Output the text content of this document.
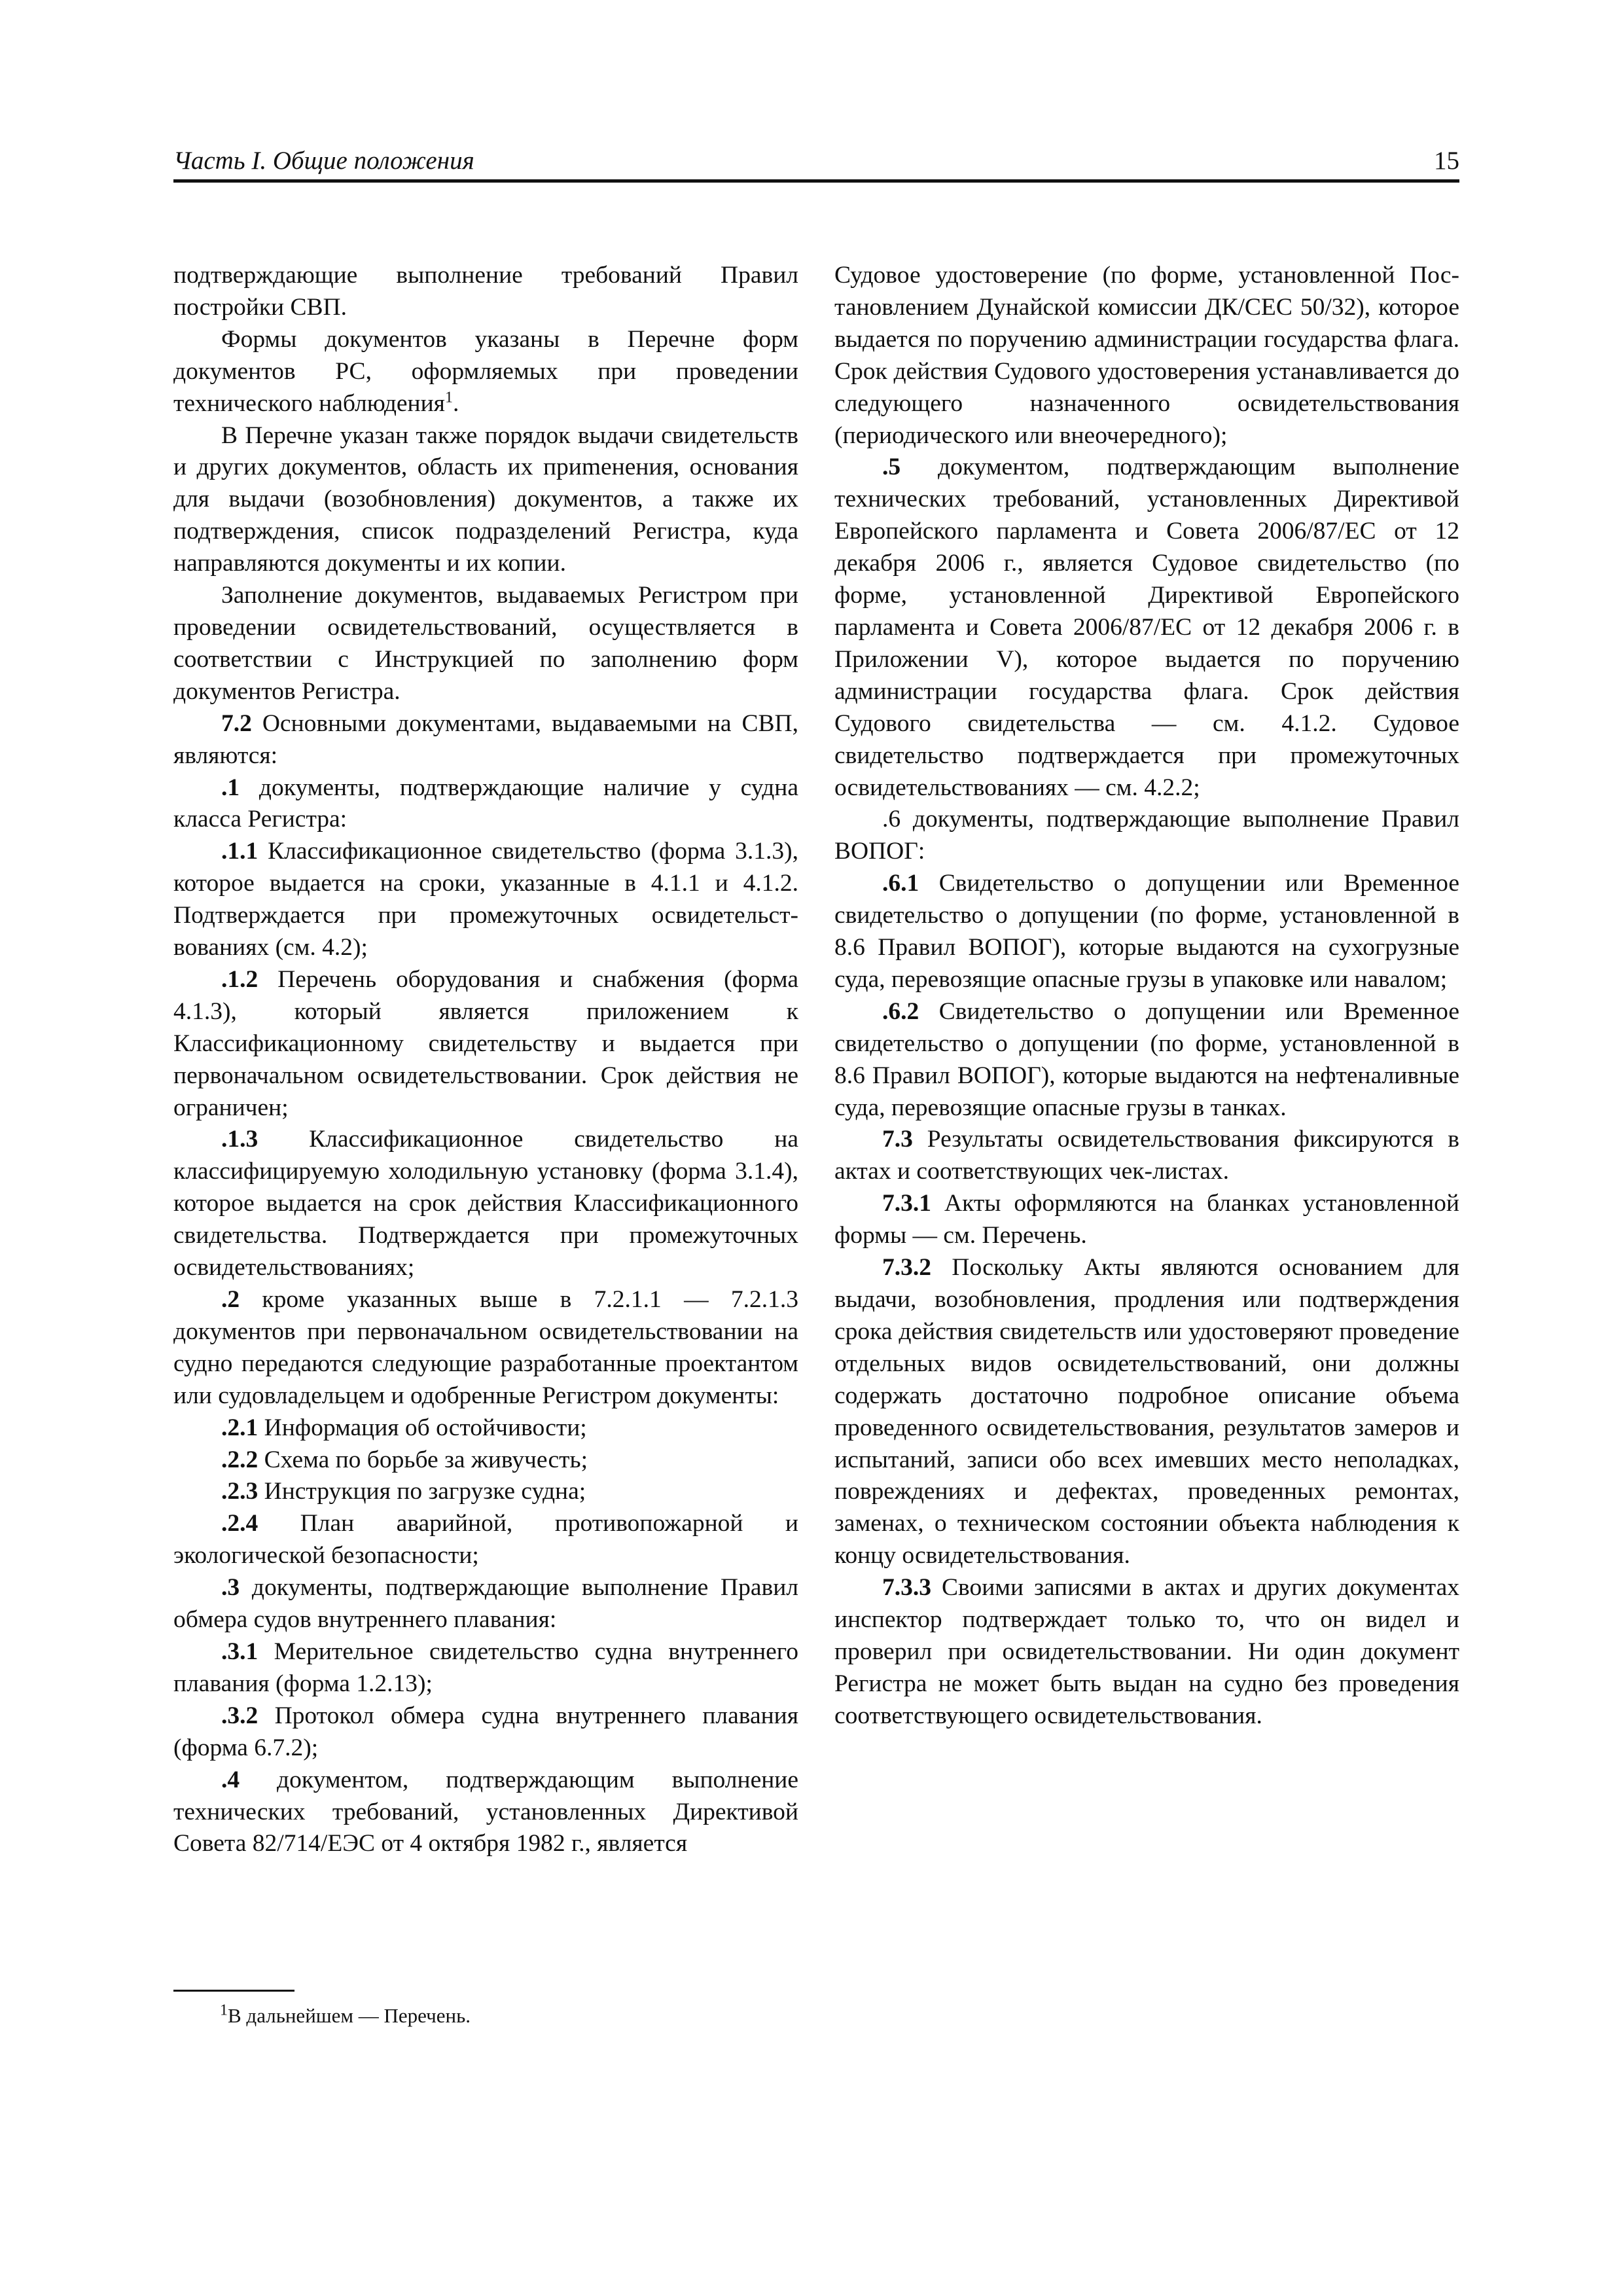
Часть I. Общие положения	15

подтверждающие выполнение требований Правил постройки СВП.

Формы документов указаны в Перечне форм документов РС, оформляемых при проведении технического наблюдения$^1$.

В Перечне указан также порядок выдачи свидетельств и других документов, область их приmенения, основания для выдачи (возобновления) документов, а также их подтверждения, список подразделений Регистра, куда направляются документы и их копии.

Заполнение документов, выдаваемых Регистром при проведении освидетельствований, осуществляется в соответствии с Инструкцией по заполнению форм документов Регистра.

7.2 Основными документами, выдаваемыми на СВП, являются:

.1 документы, подтверждающие наличие у судна класса Регистра:

.1.1 Классификационное свидетельство (форма 3.1.3), которое выдается на сроки, указанные в 4.1.1 и 4.1.2. Подтверждается при промежуточных освидетельствованиях (см. 4.2);

.1.2 Перечень оборудования и снабжения (форма 4.1.3), который является приложением к Классификационному свидетельству и выдается при первоначальном освидетельствовании. Срок действия не ограничен;

.1.3 Классификационное свидетельство на классифицируемую холодильную установку (форма 3.1.4), которое выдается на срок действия Классификационного свидетельства. Подтверждается при промежуточных освидетельствованиях;

.2 кроме указанных выше в 7.2.1.1 — 7.2.1.3 документов при первоначальном освидетельствовании на судно передаются следующие разработанные проектантом или судовладельцем и одобренные Регистром документы:

.2.1 Информация об остойчивости;

.2.2 Схема по борьбе за живучесть;

.2.3 Инструкция по загрузке судна;

.2.4 План аварийной, противопожарной и экологической безопасности;

.3 документы, подтверждающие выполнение Правил обмера судов внутреннего плавания:

.3.1 Мерительное свидетельство судна внутреннего плавания (форма 1.2.13);

.3.2 Протокол обмера судна внутреннего плавания (форма 6.7.2);

.4 документом, подтверждающим выполнение технических требований, установленных Директивой Совета 82/714/ЕЭС от 4 октября 1982 г., является

Судовое удостоверение (по форме, установленной Постановлением Дунайской комиссии ДК/СЕС 50/32), которое выдается по поручению администрации государства флага. Срок действия Судового удостоверения устанавливается до следующего назначенного освидетельствования (периодического или внеочередного);

.5 документом, подтверждающим выполнение технических требований, установленных Директивой Европейского парламента и Совета 2006/87/ЕС от 12 декабря 2006 г., является Судовое свидетельство (по форме, установленной Директивой Европейского парламента и Совета 2006/87/ЕС от 12 декабря 2006 г. в Приложении V), которое выдается по поручению администрации государства флага. Срок действия Судового свидетельства — см. 4.1.2. Судовое свидетельство подтверждается при промежуточных освидетельствованиях — см. 4.2.2;

.6 документы, подтверждающие выполнение Правил ВОПОГ:

.6.1 Свидетельство о допущении или Временное свидетельство о допущении (по форме, установленной в 8.6 Правил ВОПОГ), которые выдаются на сухогрузные суда, перевозящие опасные грузы в упаковке или навалом;

.6.2 Свидетельство о допущении или Временное свидетельство о допущении (по форме, установленной в 8.6 Правил ВОПОГ), которые выдаются на нефтеналивные суда, перевозящие опасные грузы в танках.

7.3 Результаты освидетельствования фиксируются в актах и соответствующих чек-листах.

7.3.1 Акты оформляются на бланках установленной формы — см. Перечень.

7.3.2 Поскольку Акты являются основанием для выдачи, возобновления, продления или подтверждения срока действия свидетельств или удостоверяют проведение отдельных видов освидетельствований, они должны содержать достаточно подробное описание объема проведенного освидетельствования, результатов замеров и испытаний, записи обо всех имевших место неполадках, повреждениях и дефектах, проведенных ремонтах, заменах, о техническом состоянии объекта наблюдения к концу освидетельствования.

7.3.3 Своими записями в актах и других документах инспектор подтверждает только то, что он видел и проверил при освидетельствовании. Ни один документ Регистра не может быть выдан на судно без проведения соответствующего освидетельствования.

$^1$В дальнейшем — Перечень.
